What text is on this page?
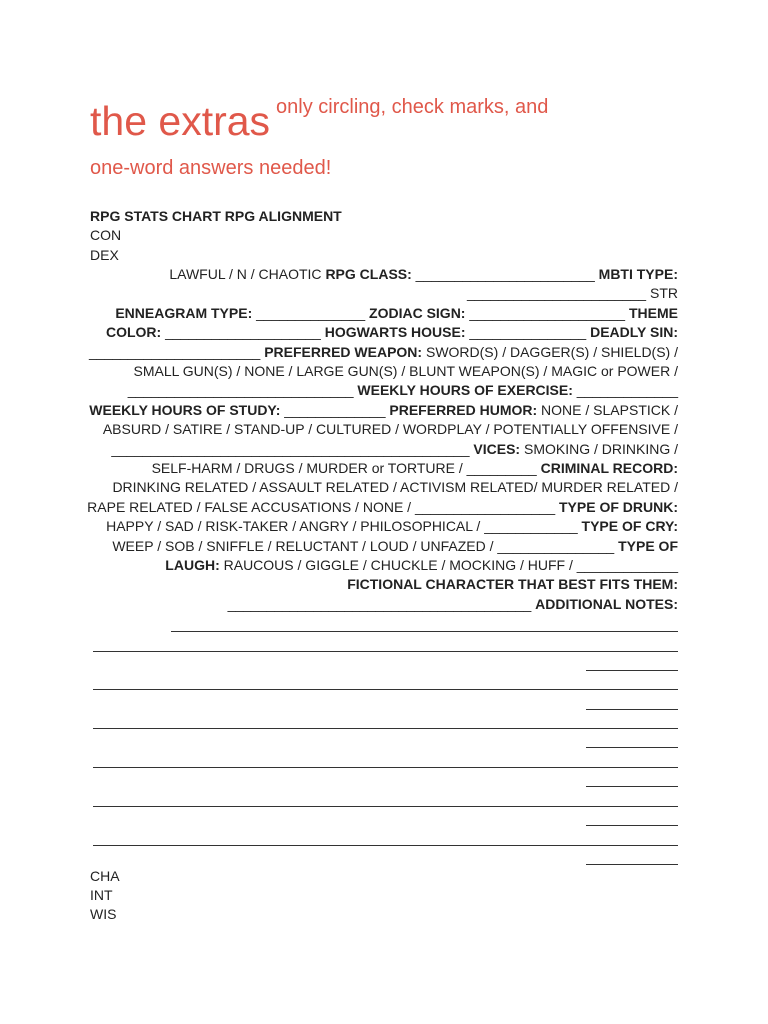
the extras only circling, check marks, and
one-word answers needed!
RPG STATS CHART RPG ALIGNMENT
CON
DEX
LAWFUL / N / CHAOTIC RPG CLASS: _______________________ MBTI TYPE:
_______________________ STR
ENNEAGRAM TYPE: ______________ ZODIAC SIGN: ____________________ THEME
COLOR: ____________________ HOGWARTS HOUSE: _______________ DEADLY SIN:
______________________ PREFERRED WEAPON: SWORD(S) / DAGGER(S) / SHIELD(S) /
SMALL GUN(S) / NONE / LARGE GUN(S) / BLUNT WEAPON(S) / MAGIC or POWER /
_____________________________ WEEKLY HOURS OF EXERCISE: _____________
WEEKLY HOURS OF STUDY: _____________ PREFERRED HUMOR: NONE / SLAPSTICK /
ABSURD / SATIRE / STAND-UP / CULTURED / WORDPLAY / POTENTIALLY OFFENSIVE /
______________________________________________ VICES: SMOKING / DRINKING /
SELF-HARM / DRUGS / MURDER or TORTURE / _________ CRIMINAL RECORD:
DRINKING RELATED / ASSAULT RELATED / ACTIVISM RELATED/ MURDER RELATED /
RAPE RELATED / FALSE ACCUSATIONS / NONE / __________________ TYPE OF DRUNK:
HAPPY / SAD / RISK-TAKER / ANGRY / PHILOSOPHICAL / ____________ TYPE OF CRY:
WEEP / SOB / SNIFFLE / RELUCTANT / LOUD / UNFAZED / _______________ TYPE OF
LAUGH: RAUCOUS / GIGGLE / CHUCKLE / MOCKING / HUFF / _____________
FICTIONAL CHARACTER THAT BEST FITS THEM:
_______________________________________ ADDITIONAL NOTES:
CHA
INT
WIS
